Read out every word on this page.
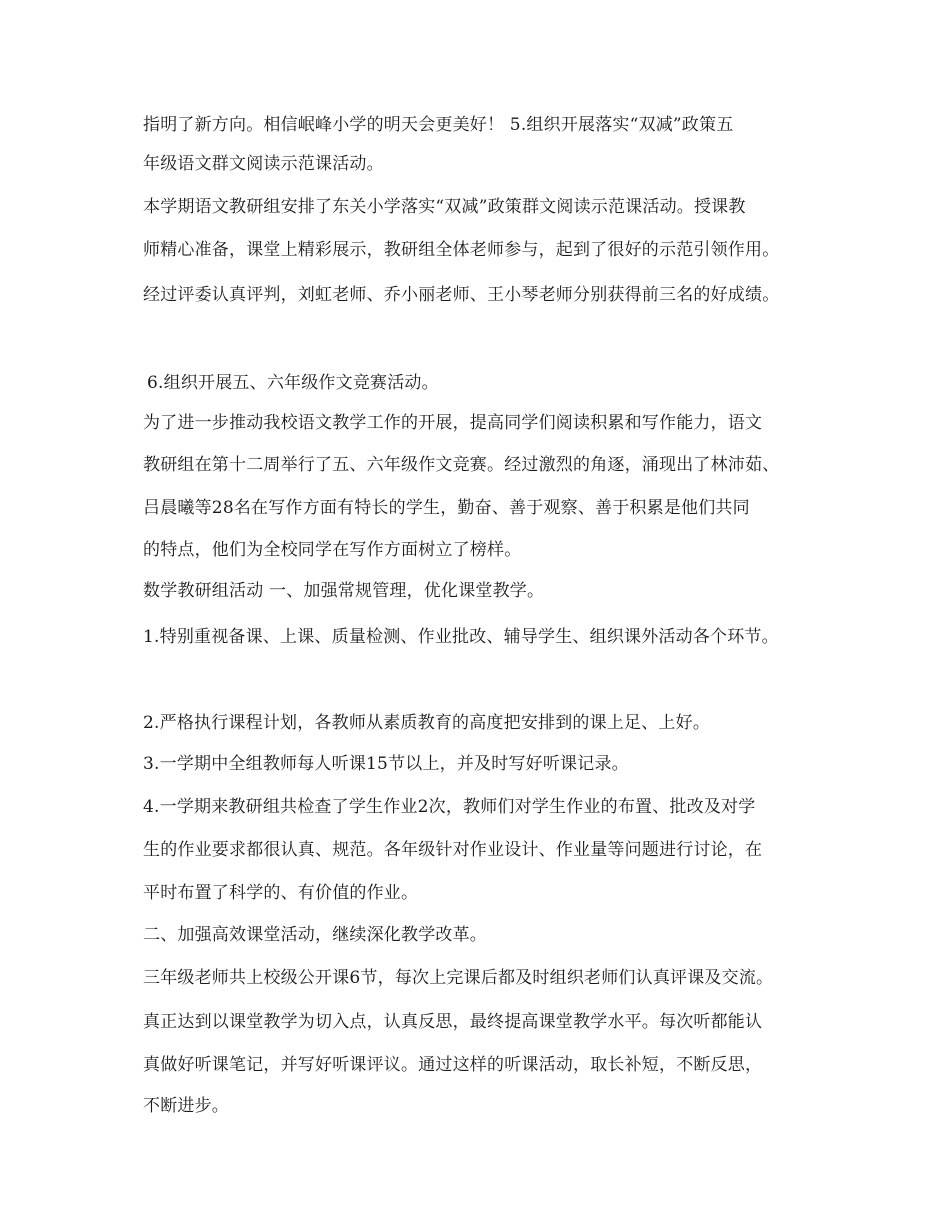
指明了新方向。相信岷峰小学的明天会更美好！ 5.组织开展落实“双减”政策五
年级语文群文阅读示范课活动。
本学期语文教研组安排了东关小学落实“双减”政策群文阅读示范课活动。授课教
师精心准备，课堂上精彩展示，教研组全体老师参与，起到了很好的示范引领作用。
经过评委认真评判，刘虹老师、乔小丽老师、王小琴老师分别获得前三名的好成绩。
6.组织开展五、六年级作文竞赛活动。
为了进一步推动我校语文教学工作的开展，提高同学们阅读积累和写作能力，语文
教研组在第十二周举行了五、六年级作文竞赛。经过激烈的角逐，涌现出了林沛茹、
吕晨曦等28名在写作方面有特长的学生，勤奋、善于观察、善于积累是他们共同
的特点，他们为全校同学在写作方面树立了榜样。
数学教研组活动 一、加强常规管理，优化课堂教学。
1.特别重视备课、上课、质量检测、作业批改、辅导学生、组织课外活动各个环节。
2.严格执行课程计划，各教师从素质教育的高度把安排到的课上足、上好。
3.一学期中全组教师每人听课15节以上，并及时写好听课记录。
4.一学期来教研组共检查了学生作业2次，教师们对学生作业的布置、批改及对学
生的作业要求都很认真、规范。各年级针对作业设计、作业量等问题进行讨论，在
平时布置了科学的、有价值的作业。
二、加强高效课堂活动，继续深化教学改革。
三年级老师共上校级公开课6节，每次上完课后都及时组织老师们认真评课及交流。
真正达到以课堂教学为切入点，认真反思，最终提高课堂教学水平。每次听都能认
真做好听课笔记，并写好听课评议。通过这样的听课活动，取长补短，不断反思，
不断进步。
